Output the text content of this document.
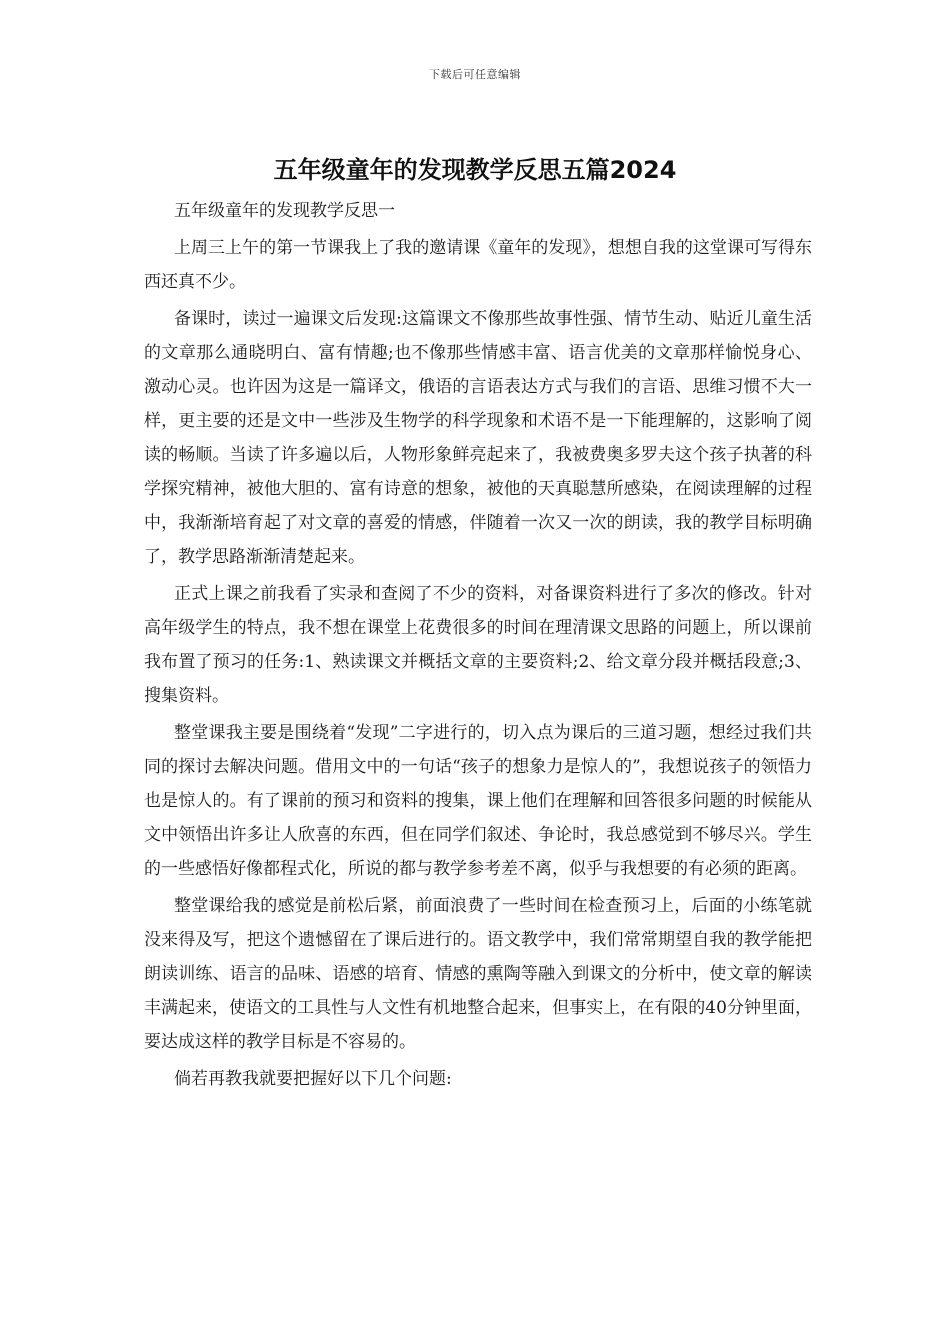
下载后可任意编辑
五年级童年的发现教学反思五篇2024

五年级童年的发现教学反思一

上周三上午的第一节课我上了我的邀请课《童年的发现》，想想自我的这堂课可写得东西还真不少。

备课时，读过一遍课文后发现:这篇课文不像那些故事性强、情节生动、贴近儿童生活的文章那么通晓明白、富有情趣;也不像那些情感丰富、语言优美的文章那样愉悦身心、激动心灵。也许因为这是一篇译文，俄语的言语表达方式与我们的言语、思维习惯不大一样，更主要的还是文中一些涉及生物学的科学现象和术语不是一下能理解的，这影响了阅读的畅顺。当读了许多遍以后，人物形象鲜亮起来了，我被费奥多罗夫这个孩子执著的科学探究精神，被他大胆的、富有诗意的想象，被他的天真聪慧所感染，在阅读理解的过程中，我渐渐培育起了对文章的喜爱的情感，伴随着一次又一次的朗读，我的教学目标明确了，教学思路渐渐清楚起来。

正式上课之前我看了实录和查阅了不少的资料，对备课资料进行了多次的修改。针对高年级学生的特点，我不想在课堂上花费很多的时间在理清课文思路的问题上，所以课前我布置了预习的任务:1、熟读课文并概括文章的主要资料;2、给文章分段并概括段意;3、搜集资料。

整堂课我主要是围绕着“发现”二字进行的，切入点为课后的三道习题，想经过我们共同的探讨去解决问题。借用文中的一句话“孩子的想象力是惊人的”，我想说孩子的领悟力也是惊人的。有了课前的预习和资料的搜集，课上他们在理解和回答很多问题的时候能从文中领悟出许多让人欣喜的东西，但在同学们叙述、争论时，我总感觉到不够尽兴。学生的一些感悟好像都程式化，所说的都与教学参考差不离，似乎与我想要的有必须的距离。

整堂课给我的感觉是前松后紧，前面浪费了一些时间在检查预习上，后面的小练笔就没来得及写，把这个遗憾留在了课后进行的。语文教学中，我们常常期望自我的教学能把朗读训练、语言的品味、语感的培育、情感的熏陶等融入到课文的分析中，使文章的解读丰满起来，使语文的工具性与人文性有机地整合起来，但事实上，在有限的40分钟里面，要达成这样的教学目标是不容易的。

倘若再教我就要把握好以下几个问题:
